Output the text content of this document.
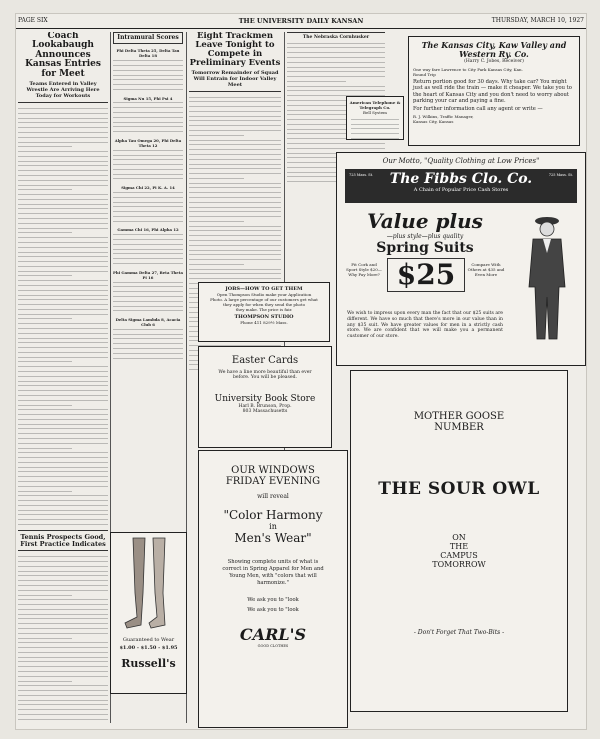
PAGE SIX	THE UNIVERSITY DAILY KANSAN	THURSDAY, MARCH 10, 1927
Coach Lookabaugh Announces Kansas Entries for Meet
Teams Entered in Valley Wrestle Are Arriving Here Today for Workouts
Tennis Prospects Good, First Practice Indicates
Intramural Scores
Phi Delta Theta 25, Delta Tau Delta 18
Sigma Nu 15, Phi Psi 4
Alpha Tau Omega 20, Phi Delta Theta 12
Sigma Chi 22, Pi K. A. 14
Gamma Chi 16, Phi Alpha 12
Phi Gamma Delta 27, Beta Theta Pi 16
Delta Sigma Lambda 8, Acacia Club 6
Guaranteed to Wear
$1.00 - $1.50 - $1.95
Russell's
Eight Trackmen Leave Tonight to Compete in Preliminary Events
Tomorrow Remainder of Squad Will Entrain for Indoor Valley Meet
The Nebraska Cornhusker
American Telephone & Telegraph Co.
Bell System
The Kansas City, Kaw Valley and Western Ry. Co.
(Harry C. Jobes, Receiver)
One way fare Lawrence to City Park Kansas City, Kan.
Round Trip
Return portion good for 30 days. Why take car? You might just as well ride the train — make it cheaper. We take you to the heart of Kansas City and you don't need to worry about parking your car and paying a fine.
For further information call any agent or write —
R. J. Wilkins, Traffic Manager,
Kansas City, Kansas
Our Motto, "Quality Clothing at Low Prices"
725 Mass. St.	The Fibbs Clo. Co.
A Chain of Popular Price Cash Stores
725 Mass. St.
Value plus
—plus style—plus quality
Spring Suits
Fit Cork and Sport Style $20— Why Pay More? $25	Compare With Others at $35 and Even More
We wish to impress upon every man the fact that our $25 suits are different. We have so much that there's more in our value than in any $35 suit. We have greater values for men in a strictly cash store. We are confident that we will make you a permanent customer of our store.
JOBS—HOW TO GET THEM
Open Thompson Studio make your Application
Photo. A large percentage of our customers get what
they apply for when they send the photo
they make. The price is fair.
THOMPSON STUDIO
Phone 411 829½ Mass.
Easter Cards
We have a line more beautiful than ever before. You will be pleased.
University Book Store
Harl B. Brunson, Prop.
803 Massachusetts
OUR WINDOWS
FRIDAY EVENING
will reveal
"Color Harmony
in
Men's Wear"
Showing complete units of what is correct in Spring Apparel for Men and Young Men, with "colors that will harmonize."
We ask you to "look
We ask you to "look
CARL'S
GOOD CLOTHES
MOTHER GOOSE
NUMBER
THE SOUR OWL
ON
THE
CAMPUS
TOMORROW
- Don't Forget That Two-Bits -
